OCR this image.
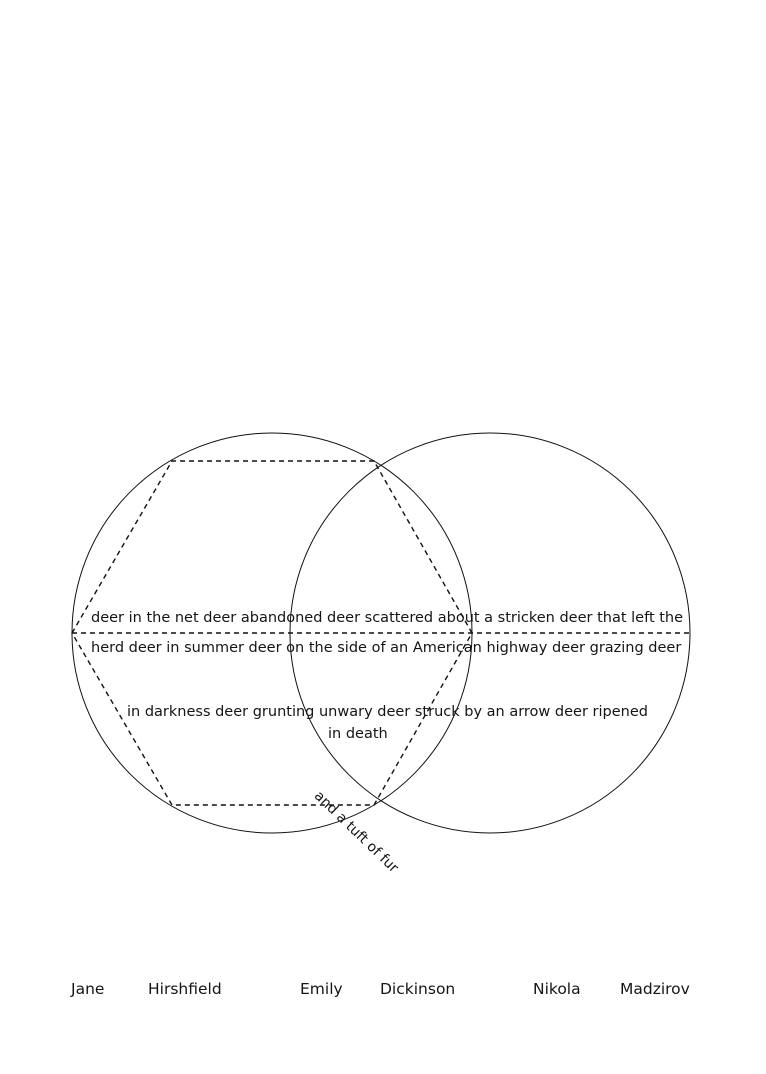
deer in the net deer abandoned deer scattered about a stricken deer that left the
herd deer in summer deer on the side of an American highway deer grazing deer
in darkness deer grunting unwary deer struck by an arrow deer ripened
in death
and a tuft of fur
Jane	Hirshfield	Emily Dickinson	Nikola	Madzirov
